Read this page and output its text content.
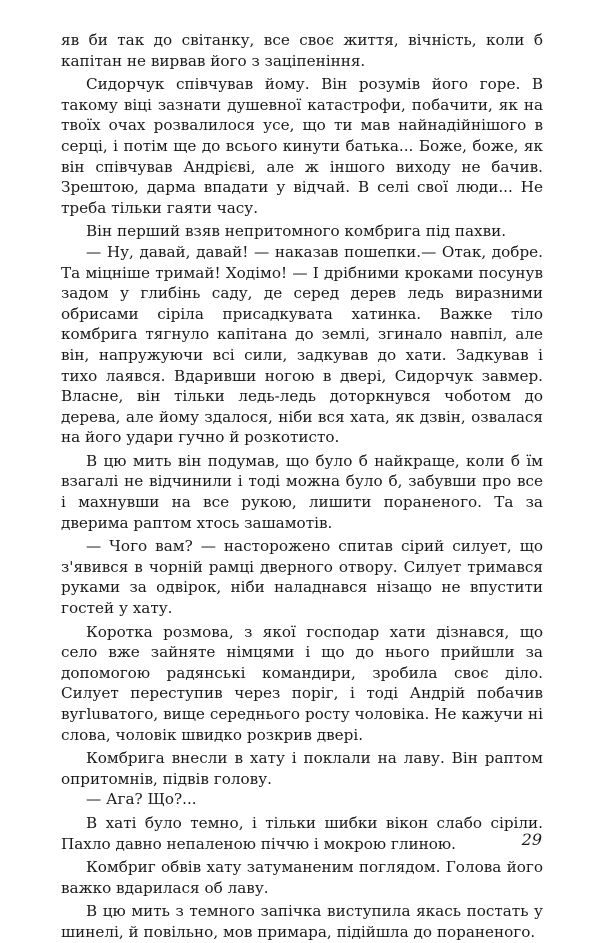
яв би так до світанку, все своє життя, вічність, коли б капітан не вирвав його з заціпеніння.

Сидорчук співчував йому. Він розумів його горе. В такому віці зазнати душевної катастрофи, побачити, як на твоїх очах розвалилося усе, що ти мав найнадійнішого в серці, і потім ще до всього кинути батька... Боже, боже, як він співчував Андрієві, але ж іншого виходу не бачив. Зрештою, дарма впадати у відчай. В селі свої люди... Не треба тільки гаяти часу.

Він перший взяв непритомного комбрига під пахви.

— Ну, давай, давай! — наказав пошепки.— Отак, добре. Та міцніше тримай! Ходімо! — І дрібними кроками посунув задом у глибінь саду, де серед дерев ледь виразними обрисами сіріла присадкувата хатинка. Важке тіло комбрига тягнуло капітана до землі, згинало навпіл, але він, напружуючи всі сили, задкував до хати. Задкував і тихо лаявся. Вдаривши ногою в двері, Сидорчук завмер. Власне, він тільки ледь-ледь доторкнувся чоботом до дерева, але йому здалося, ніби вся хата, як дзвін, озвалася на його удари гучно й розкотисто.

В цю мить він подумав, що було б найкраще, коли б їм взагалі не відчинили і тоді можна було б, забувши про все і махнувши на все рукою, лишити пораненого. Та за дверима раптом хтось зашамотів.

— Чого вам? — насторожено спитав сірий силует, що з'явився в чорній рамці дверного отвору. Силует тримався руками за одвірок, ніби наладнався нізащо не впустити гостей у хату.

Коротка розмова, з якої господар хати дізнався, що село вже зайняте німцями і що до нього прийшли за допомогою радянські командири, зробила своє діло. Силует переступив через поріг, і тоді Андрій побачив вугluватого, вище середнього росту чоловіка. Не кажучи ні слова, чоловік швидко розкрив двері.

Комбрига внесли в хату і поклали на лаву. Він раптом опритомнів, підвів голову.

— Ага? Що?...

В хаті було темно, і тільки шибки вікон слабо сіріли. Пахло давно непаленою піччю і мокрою глиною.

Комбриг обвів хату затуманеним поглядом. Голова його важко вдарилася об лаву.

В цю мить з темного запічка виступила якась постать у шинелі, й повільно, мов примара, підійшла до пораненого.

29
